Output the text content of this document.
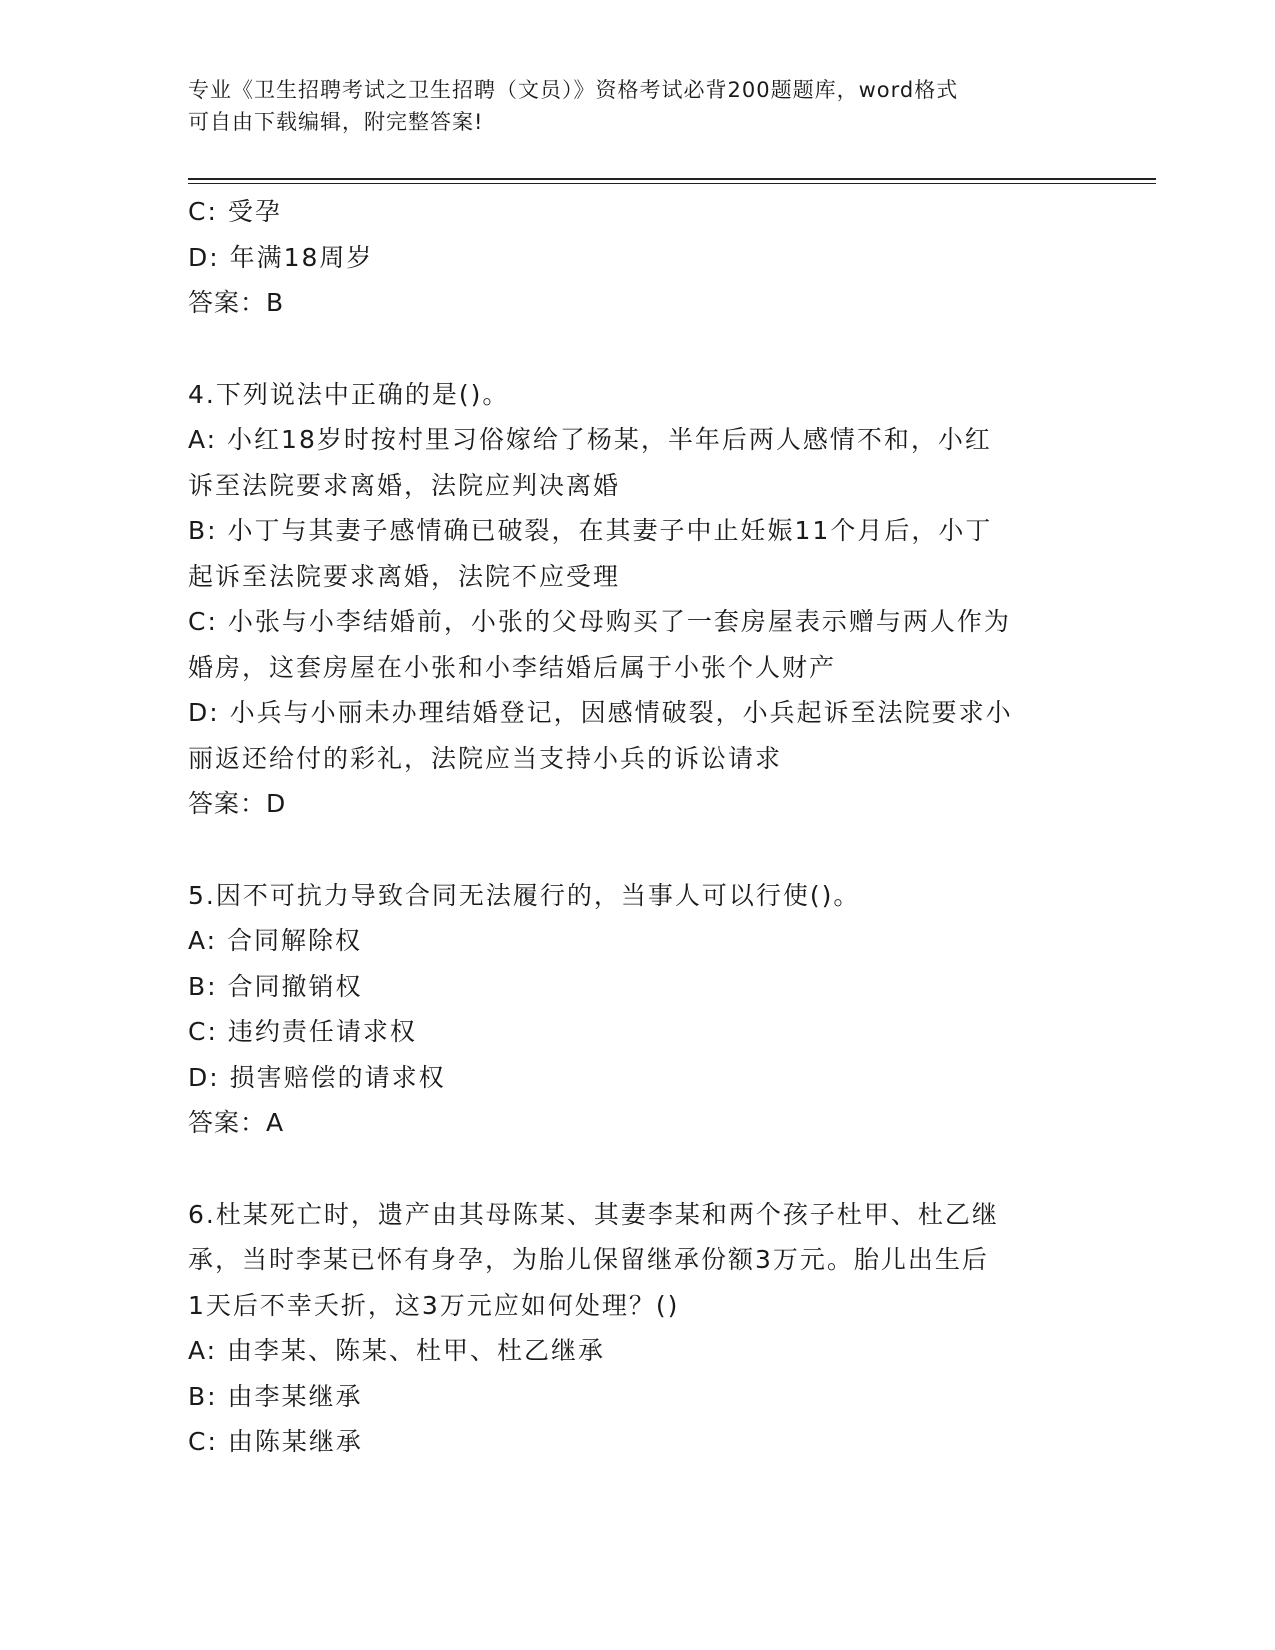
专业《卫生招聘考试之卫生招聘（文员）》资格考试必背200题题库，word格式

可自由下载编辑，附完整答案!

C: 受孕

D: 年满18周岁

答案：B

4.下列说法中正确的是()。

A: 小红18岁时按村里习俗嫁给了杨某，半年后两人感情不和，小红

诉至法院要求离婚，法院应判决离婚

B: 小丁与其妻子感情确已破裂，在其妻子中止妊娠11个月后，小丁

起诉至法院要求离婚，法院不应受理

C: 小张与小李结婚前，小张的父母购买了一套房屋表示赠与两人作为

婚房，这套房屋在小张和小李结婚后属于小张个人财产

D: 小兵与小丽未办理结婚登记，因感情破裂，小兵起诉至法院要求小

丽返还给付的彩礼，法院应当支持小兵的诉讼请求

答案：D

5.因不可抗力导致合同无法履行的，当事人可以行使()。

A: 合同解除权

B: 合同撤销权

C: 违约责任请求权

D: 损害赔偿的请求权

答案：A

6.杜某死亡时，遗产由其母陈某、其妻李某和两个孩子杜甲、杜乙继

承，当时李某已怀有身孕，为胎儿保留继承份额3万元。胎儿出生后

1天后不幸夭折，这3万元应如何处理？()

A: 由李某、陈某、杜甲、杜乙继承

B: 由李某继承

C: 由陈某继承
